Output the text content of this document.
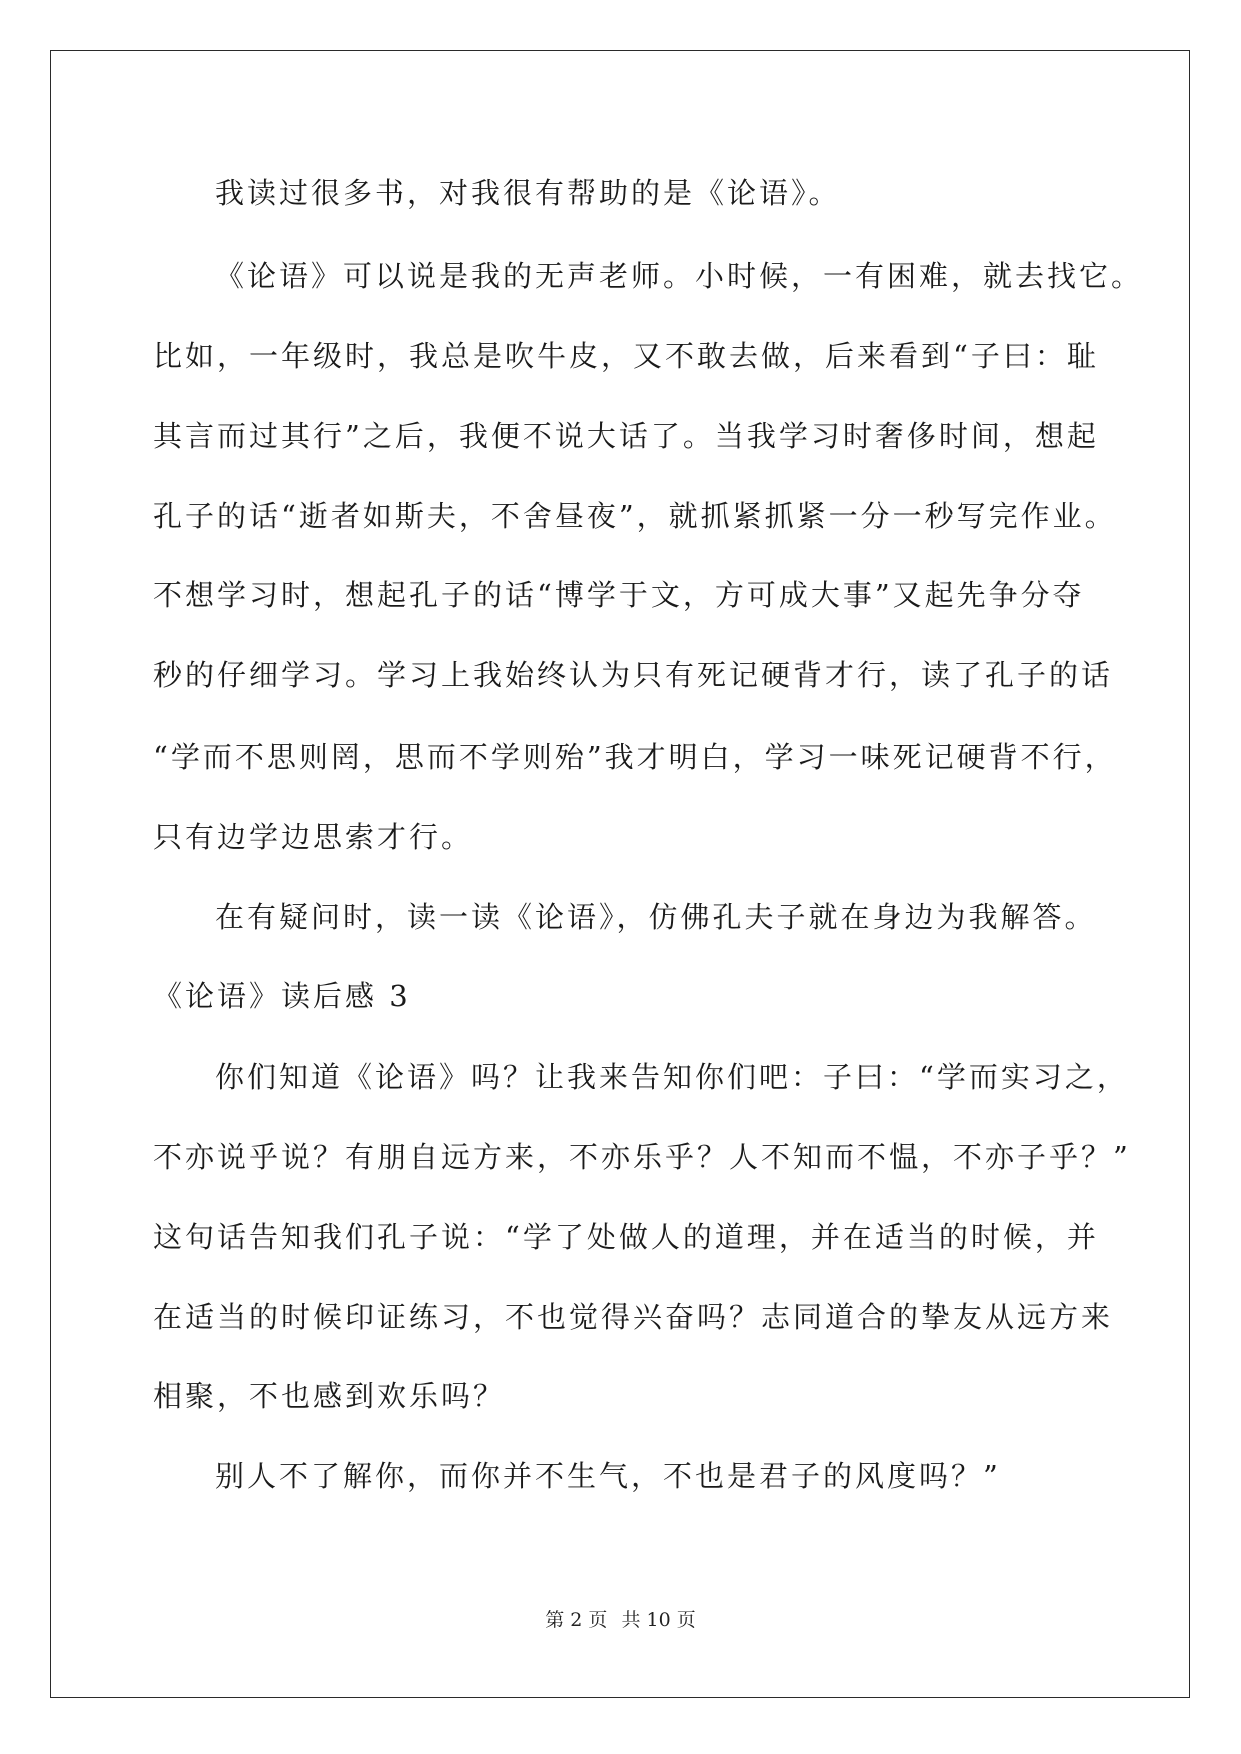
我读过很多书，对我很有帮助的是《论语》。
《论语》可以说是我的无声老师。小时候，一有困难，就去找它。
比如，一年级时，我总是吹牛皮，又不敢去做，后来看到“子曰：耻
其言而过其行”之后，我便不说大话了。当我学习时奢侈时间，想起
孔子的话“逝者如斯夫，不舍昼夜”，就抓紧抓紧一分一秒写完作业。
不想学习时，想起孔子的话“博学于文，方可成大事”又起先争分夺
秒的仔细学习。学习上我始终认为只有死记硬背才行，读了孔子的话
“学而不思则罔，思而不学则殆”我才明白，学习一味死记硬背不行，
只有边学边思索才行。
在有疑问时，读一读《论语》，仿佛孔夫子就在身边为我解答。
《论语》读后感 3
你们知道《论语》吗？让我来告知你们吧：子曰：“学而实习之，
不亦说乎说？有朋自远方来，不亦乐乎？人不知而不愠，不亦子乎？”
这句话告知我们孔子说：“学了处做人的道理，并在适当的时候，并
在适当的时候印证练习，不也觉得兴奋吗？志同道合的挚友从远方来
相聚，不也感到欢乐吗？
别人不了解你，而你并不生气，不也是君子的风度吗？”
第 2 页 共 10 页
